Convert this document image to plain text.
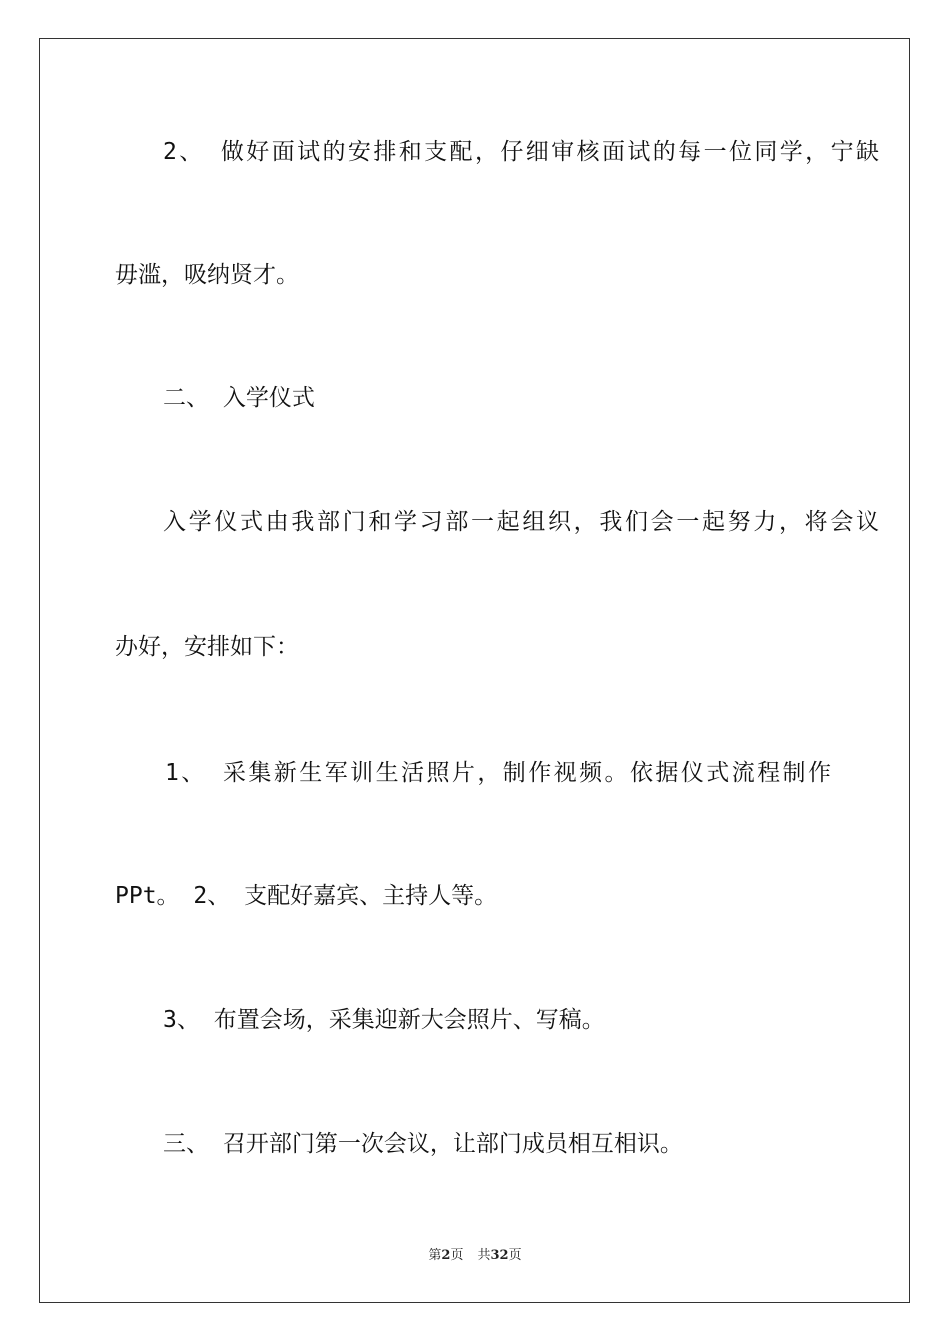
2、 做好面试的安排和支配，仔细审核面试的每一位同学，宁缺
毋滥，吸纳贤才。
二、 入学仪式
入学仪式由我部门和学习部一起组织，我们会一起努力，将会议
办好，安排如下：
1、 采集新生军训生活照片，制作视频。依据仪式流程制作
PPt。 2、 支配好嘉宾、主持人等。
3、 布置会场，采集迎新大会照片、写稿。
三、 召开部门第一次会议，让部门成员相互相识。
第2页 共32页
